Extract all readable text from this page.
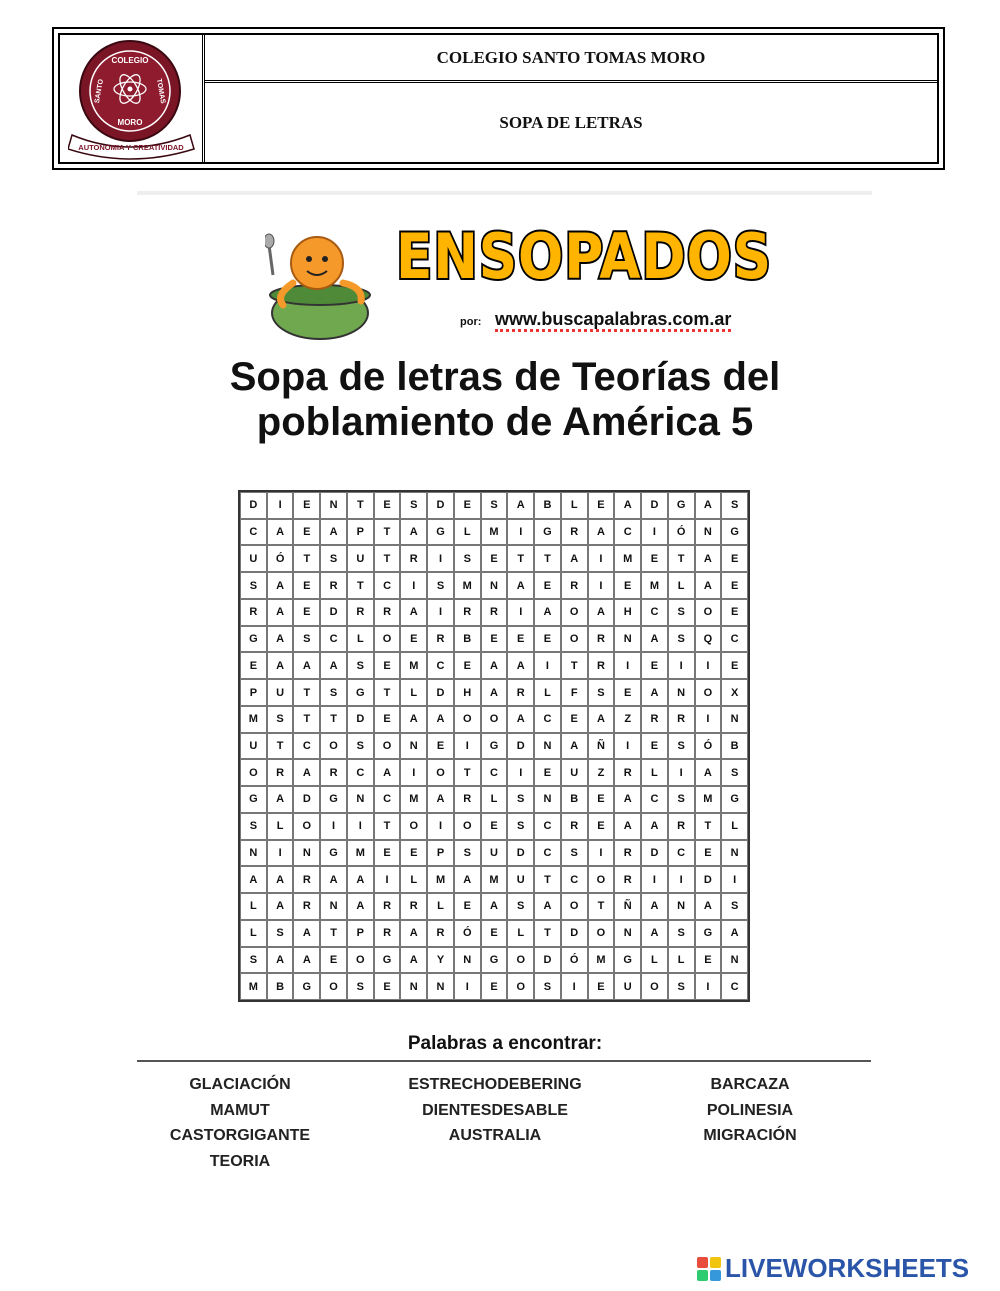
COLEGIO
MORO
SANTO	TOMAS
AUTONOMIA Y CREATIVIDAD
COLEGIO SANTO TOMAS MORO
SOPA DE LETRAS
ENSOPADOS
por: www.buscapalabras.com.ar
Sopa de letras de Teorías del
poblamiento de América 5
D	I	E	N	T	E	S	D	E	S	A	B	L	E	A	D	G	A	S
C	A	E	A	P	T	A	G	L	M	I	G	R	A	C	I	Ó	N	G
U	Ó	T	S	U	T	R	I	S	E	T	T	A	I	M	E	T	A	E
S	A	E	R	T	C	I	S	M	N	A	E	R	I	E	M	L	A	E
R	A	E	D	R	R	A	I	R	R	I	A	O	A	H	C	S	O	E
G	A	S	C	L	O	E	R	B	E	E	E	O	R	N	A	S	Q	C
E	A	A	A	S	E	M	C	E	A	A	I	T	R	I	E	I	I	E
P	U	T	S	G	T	L	D	H	A	R	L	F	S	E	A	N	O	X
M	S	T	T	D	E	A	A	O	O	A	C	E	A	Z	R	R	I	N
U	T	C	O	S	O	N	E	I	G	D	N	A	Ñ	I	E	S	Ó	B
O	R	A	R	C	A	I	O	T	C	I	E	U	Z	R	L	I	A	S
G	A	D	G	N	C	M	A	R	L	S	N	B	E	A	C	S	M	G
S	L	O	I	I	T	O	I	O	E	S	C	R	E	A	A	R	T	L
N	I	N	G	M	E	E	P	S	U	D	C	S	I	R	D	C	E	N
A	A	R	A	A	I	L	M	A	M	U	T	C	O	R	I	I	D	I
L	A	R	N	A	R	R	L	E	A	S	A	O	T	Ñ	A	N	A	S
L	S	A	T	P	R	A	R	Ó	E	L	T	D	O	N	A	S	G	A
S	A	A	E	O	G	A	Y	N	G	O	D	Ó	M	G	L	L	E	N
M	B	G	O	S	E	N	N	I	E	O	S	I	E	U	O	S	I	C
Palabras a encontrar:
GLACIACIÓN
MAMUT
CASTORGIGANTE
TEORIA
ESTRECHODEBERING
DIENTESDESABLE
AUSTRALIA
BARCAZA
POLINESIA
MIGRACIÓN
LIVEWORKSHEETS
